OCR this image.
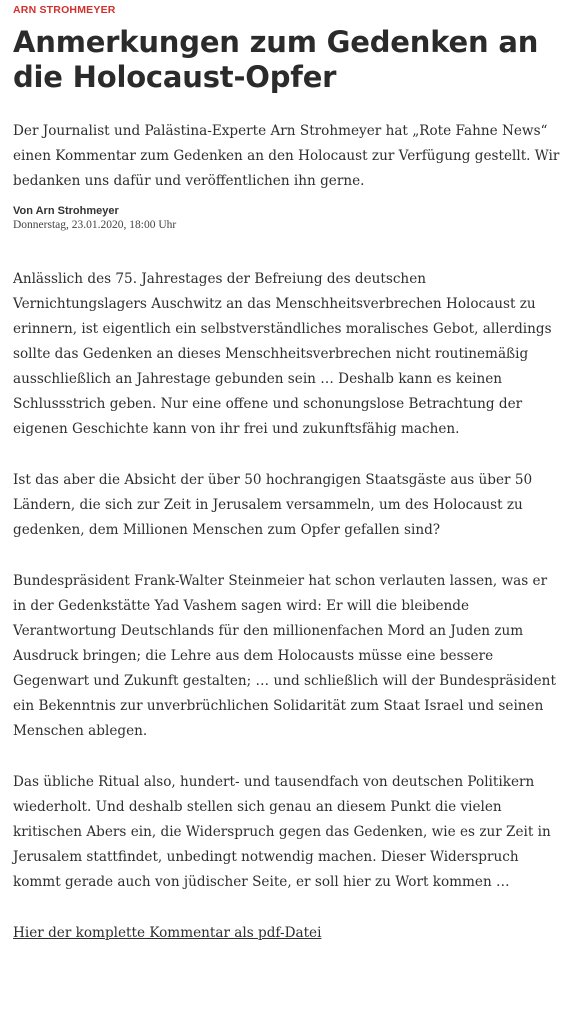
ARN STROHMEYER
Anmerkungen zum Gedenken an die Holocaust-Opfer

Der Journalist und Palästina-Experte Arn Strohmeyer hat „Rote Fahne News“ einen Kommentar zum Gedenken an den Holocaust zur Verfügung gestellt. Wir bedanken uns dafür und veröffentlichen ihn gerne.

Von Arn Strohmeyer
Donnerstag, 23.01.2020, 18:00 Uhr

Anlässlich des 75. Jahrestages der Befreiung des deutschen Vernichtungslagers Auschwitz an das Menschheitsverbrechen Holocaust zu erinnern, ist eigentlich ein selbstverständliches moralisches Gebot, allerdings sollte das Gedenken an dieses Menschheitsverbrechen nicht routinemäßig ausschließlich an Jahrestage gebunden sein … Deshalb kann es keinen Schlussstrich geben. Nur eine offene und schonungslose Betrachtung der eigenen Geschichte kann von ihr frei und zukunftsfähig machen.

Ist das aber die Absicht der über 50 hochrangigen Staatsgäste aus über 50 Ländern, die sich zur Zeit in Jerusalem versammeln, um des Holocaust zu gedenken, dem Millionen Menschen zum Opfer gefallen sind?

Bundespräsident Frank-Walter Steinmeier hat schon verlauten lassen, was er in der Gedenkstätte Yad Vashem sagen wird: Er will die bleibende Verantwortung Deutschlands für den millionenfachen Mord an Juden zum Ausdruck bringen; die Lehre aus dem Holocausts müsse eine bessere Gegenwart und Zukunft gestalten; … und schließlich will der Bundespräsident ein Bekenntnis zur unverbrüchlichen Solidarität zum Staat Israel und seinen Menschen ablegen.

Das übliche Ritual also, hundert- und tausendfach von deutschen Politikern wiederholt. Und deshalb stellen sich genau an diesem Punkt die vielen kritischen Abers ein, die Widerspruch gegen das Gedenken, wie es zur Zeit in Jerusalem stattfindet, unbedingt notwendig machen. Dieser Widerspruch kommt gerade auch von jüdischer Seite, er soll hier zu Wort kommen …

Hier der komplette Kommentar als pdf-Datei
